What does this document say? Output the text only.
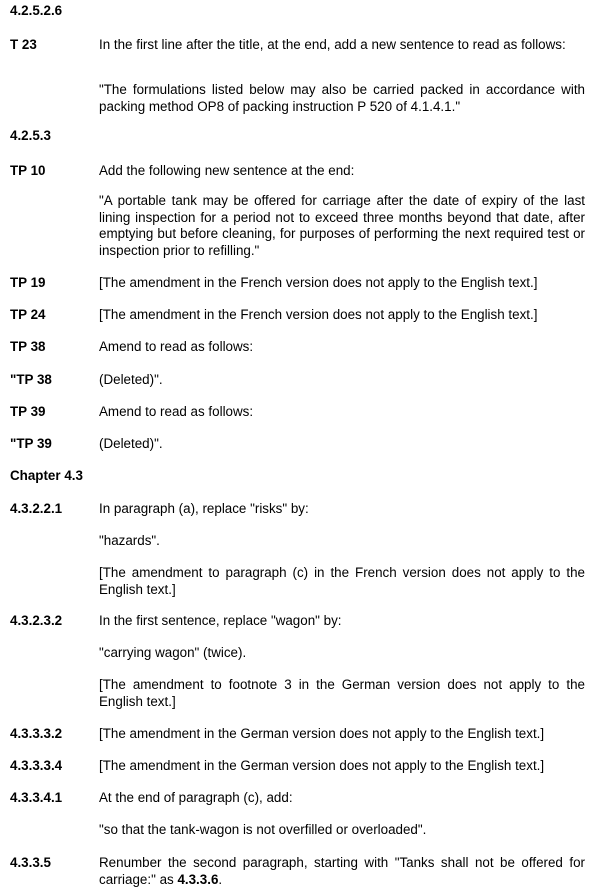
4.2.5.2.6
T 23	In the first line after the title, at the end, add a new sentence to read as follows:
"The formulations listed below may also be carried packed in accordance with packing method OP8 of packing instruction P 520 of 4.1.4.1."
4.2.5.3
TP 10	Add the following new sentence at the end:
"A portable tank may be offered for carriage after the date of expiry of the last lining inspection for a period not to exceed three months beyond that date, after emptying but before cleaning, for purposes of performing the next required test or inspection prior to refilling."
TP 19	[The amendment in the French version does not apply to the English text.]
TP 24	[The amendment in the French version does not apply to the English text.]
TP 38	Amend to read as follows:
"TP 38	(Deleted)".
TP 39	Amend to read as follows:
"TP 39	(Deleted)".
Chapter 4.3
4.3.2.2.1	In paragraph (a), replace "risks" by:
"hazards".
[The amendment to paragraph (c) in the French version does not apply to the English text.]
4.3.2.3.2	In the first sentence, replace "wagon" by:
"carrying wagon" (twice).
[The amendment to footnote 3 in the German version does not apply to the English text.]
4.3.3.3.2	[The amendment in the German version does not apply to the English text.]
4.3.3.3.4	[The amendment in the German version does not apply to the English text.]
4.3.3.4.1	At the end of paragraph (c), add:
"so that the tank-wagon is not overfilled or overloaded".
4.3.3.5	Renumber the second paragraph, starting with "Tanks shall not be offered for carriage:" as 4.3.3.6.
